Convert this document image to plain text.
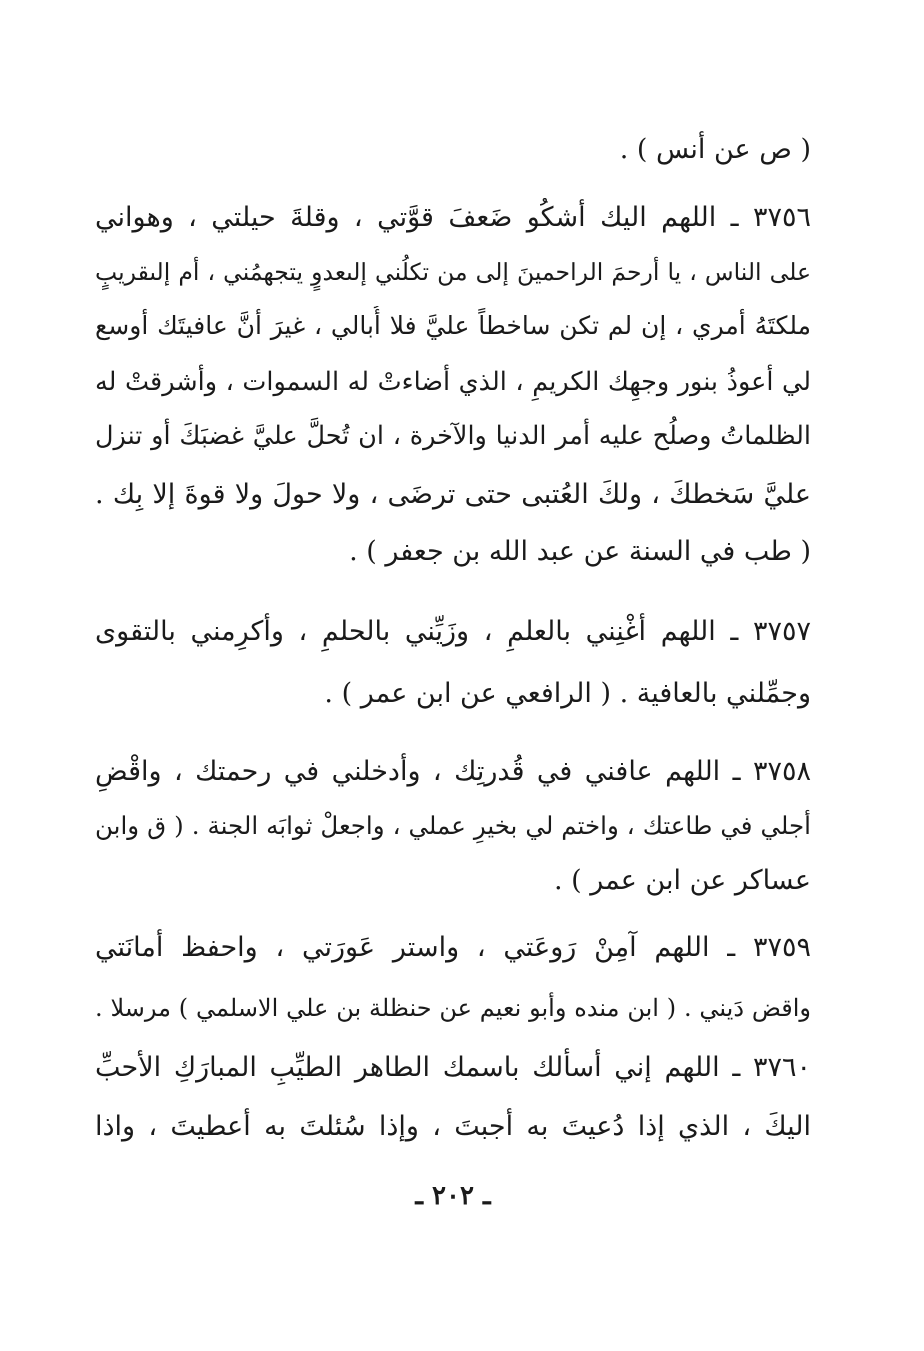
( ص عن أنس ) .
٣٧٥٦ ـ اللهم اليك أشكُو ضَعفَ قوَّتي ، وقلةَ حيلتي ، وهواني
على الناس ، يا أرحمَ الراحمينَ إلى من تكلُني إلىعدوٍ يتجهمُني ، أم إلىقريبٍ
ملكتَهُ أمري ، إن لم تكن ساخطاً عليَّ فلا أُبالي ، غيرَ أنَّ عافيتَك أوسع
لي أعوذُ بنور وجهِك الكريمِ ، الذي أضاءتْ له السموات ، وأشرقتْ له
الظلماتُ وصلُح عليه أمر الدنيا والآخرة ، ان تُحلَّ عليَّ غضبَكَ أو تنزل
عليَّ سَخطكَ ، ولكَ العُتبى حتى ترضَى ، ولا حولَ ولا قوةَ إلا بِك .
( طب في السنة عن عبد الله بن جعفر ) .
٣٧٥٧ ـ اللهم أغْنِني بالعلمِ ، وزَيِّني بالحلمِ ، وأكرِمني بالتقوى
وجمِّلني بالعافية . ( الرافعي عن ابن عمر ) .
٣٧٥٨ ـ اللهم عافني في قُدرتِك ، وأدخلني في رحمتك ، واقْضِ
أجلي في طاعتك ، واختم لي بخيرِ عملي ، واجعلْ ثوابَه الجنة . ( ق وابن
عساكر عن ابن عمر ) .
٣٧٥٩ ـ اللهم آمِنْ رَوعَتي ، واستر عَورَتي ، واحفظ أمانَتي
واقض دَيني . ( ابن منده وأبو نعيم عن حنظلة بن علي الاسلمي ) مرسلا .
٣٧٦٠ ـ اللهم إني أسألك باسمك الطاهر الطيِّبِ المبارَكِ الأحبِّ
اليكَ ، الذي إذا دُعيتَ به أجبتَ ، وإذا سُئلتَ به أعطيتَ ، واذا
ـ ٢٠٢ ـ
